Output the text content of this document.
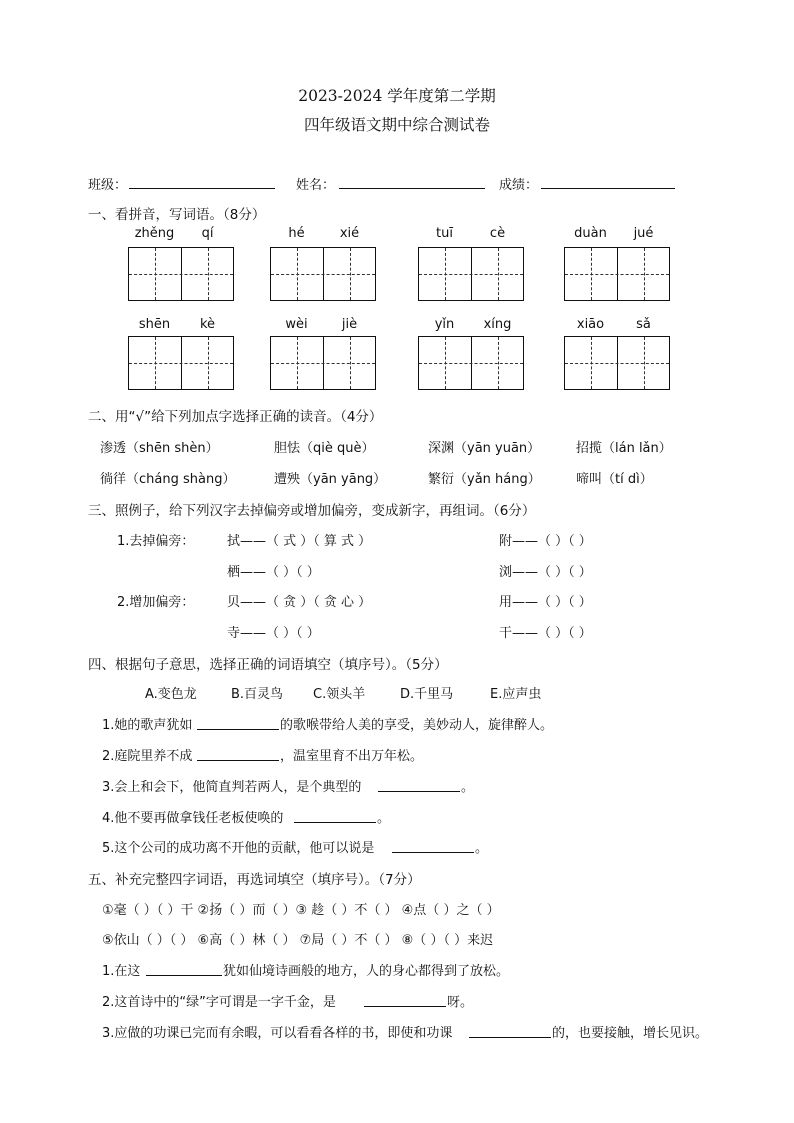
2023-2024 学年度第二学期
四年级语文期中综合测试卷
班级：	姓名：	成绩：
一、看拼音，写词语。（8分）
zhěng	qí	hé	xié	tuī	cè	duàn	jué
shēn	kè	wèi	jiè	yǐn	xíng	xiāo	sǎ
二、用“√”给下列加点字选择正确的读音。（4分）
渗透（shēn shèn）	胆怯（qiè què）	深渊（yān yuān）	招揽（lán lǎn）
徜徉（cháng shàng）	遭殃（yān yāng）	繁衍（yǎn háng）	啼叫（tí dì）
三、照例子，给下列汉字去掉偏旁或增加偏旁，变成新字，再组词。（6分）
1.去掉偏旁：	拭——（ 式 ）（ 算 式 ）	附——（ ）（ ）
栖——（ ）（ ）	浏——（ ）（ ）
2.增加偏旁：	贝——（ 贪 ）（ 贪 心 ）	用——（ ）（ ）
寺——（ ）（ ）	干——（ ）（ ）
四、根据句子意思，选择正确的词语填空（填序号）。（5分）
A.变色龙	B.百灵鸟 C.领头羊	D.千里马	E.应声虫
1.她的歌声犹如	的歌喉带给人美的享受，美妙动人，旋律醉人。
2.庭院里养不成	，温室里育不出万年松。
3.会上和会下，他简直判若两人，是个典型的	。
4.他不要再做拿钱任老板使唤的	。
5.这个公司的成功离不开他的贡献，他可以说是	。
五、补充完整四字词语，再选词填空（填序号）。（7分）
①毫（ ）（ ）干 ②扬（ ）而（ ）③ 趁（ ）不（ ） ④点（ ）之（ ）
⑤依山（ ）（ ） ⑥高（ ）林（ ） ⑦局（ ）不（ ） ⑧（ ）（ ）来迟
1.在这	犹如仙境诗画般的地方，人的身心都得到了放松。
2.这首诗中的“绿”字可谓是一字千金，是	呀。
3.应做的功课已完而有余暇，可以看看各样的书，即使和功课	的，也要接触，增长见识。
